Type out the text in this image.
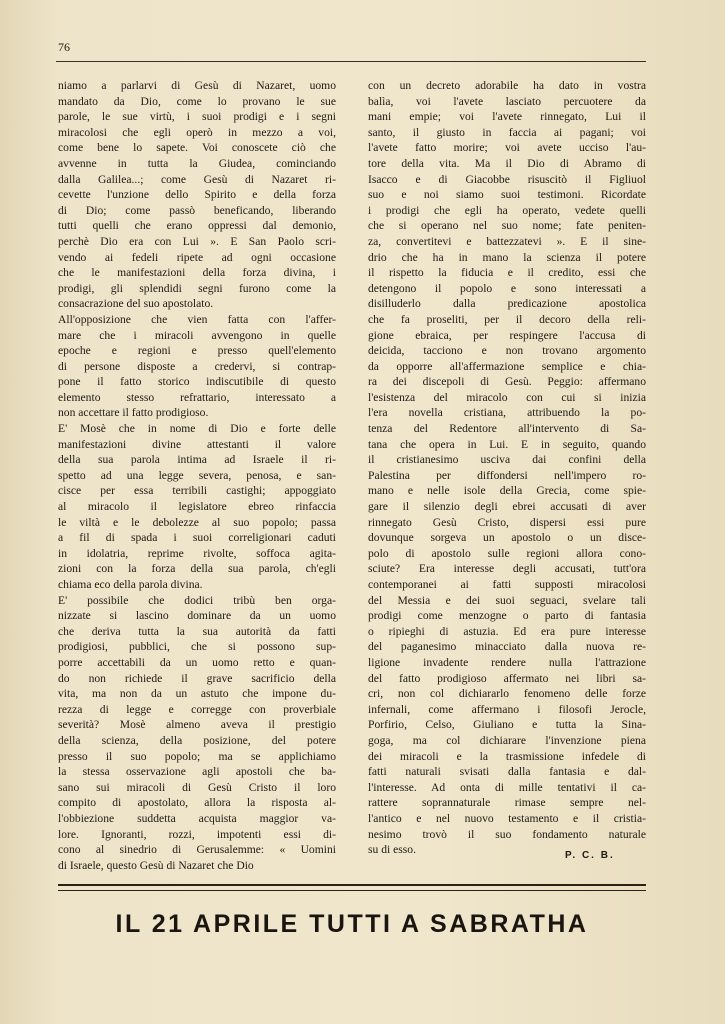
76
niamo a parlarvi di Gesù di Nazaret, uomo
mandato da Dio, come lo provano le sue
parole, le sue virtù, i suoi prodigi e i segni
miracolosi che egli operò in mezzo a voi,
come bene lo sapete. Voi conoscete ciò che
avvenne in tutta la Giudea, cominciando
dalla Galilea...; come Gesù di Nazaret ri-
cevette l'unzione dello Spirito e della forza
di Dio; come passò beneficando, liberando
tutti quelli che erano oppressi dal demonio,
perchè Dio era con Lui ». E San Paolo scri-
vendo ai fedeli ripete ad ogni occasione
che le manifestazioni della forza divina, i
prodigi, gli splendidi segni furono come la
consacrazione del suo apostolato.
All'opposizione che vien fatta con l'affer-
mare che i miracoli avvengono in quelle
epoche e regioni e presso quell'elemento
di persone disposte a credervi, si contrap-
pone il fatto storico indiscutibile di questo
elemento stesso refrattario, interessato a
non accettare il fatto prodigioso.
E' Mosè che in nome di Dio e forte delle
manifestazioni divine attestanti il valore
della sua parola intima ad Israele il ri-
spetto ad una legge severa, penosa, e san-
cisce per essa terribili castighi; appoggiato
al miracolo il legislatore ebreo rinfaccia
le viltà e le debolezze al suo popolo; passa
a fil di spada i suoi correligionari caduti
in idolatria, reprime rivolte, soffoca agita-
zioni con la forza della sua parola, ch'egli
chiama eco della parola divina.
E' possibile che dodici tribù ben orga-
nizzate si lascino dominare da un uomo
che deriva tutta la sua autorità da fatti
prodigiosi, pubblici, che si possono sup-
porre accettabili da un uomo retto e quan-
do non richiede il grave sacrificio della
vita, ma non da un astuto che impone du-
rezza di legge e corregge con proverbiale
severità? Mosè almeno aveva il prestigio
della scienza, della posizione, del potere
presso il suo popolo; ma se applichiamo
la stessa osservazione agli apostoli che ba-
sano sui miracoli di Gesù Cristo il loro
compito di apostolato, allora la risposta al-
l'obbiezione suddetta acquista maggior va-
lore. Ignoranti, rozzi, impotenti essi di-
cono al sinedrio di Gerusalemme: « Uomini
di Israele, questo Gesù di Nazaret che Dio
con un decreto adorabile ha dato in vostra
balìa, voi l'avete lasciato percuotere da
mani empie; voi l'avete rinnegato, Lui il
santo, il giusto in faccia ai pagani; voi
l'avete fatto morire; voi avete ucciso l'au-
tore della vita. Ma il Dio di Abramo di
Isacco e di Giacobbe risuscitò il Figliuol
suo e noi siamo suoi testimoni. Ricordate
i prodigi che egli ha operato, vedete quelli
che si operano nel suo nome; fate peniten-
za, convertitevi e battezzatevi ». E il sine-
drio che ha in mano la scienza il potere
il rispetto la fiducia e il credito, essi che
detengono il popolo e sono interessati a
disilluderlo dalla predicazione apostolica
che fa proseliti, per il decoro della reli-
gione ebraica, per respingere l'accusa di
deicida, tacciono e non trovano argomento
da opporre all'affermazione semplice e chia-
ra dei discepoli di Gesù. Peggio: affermano
l'esistenza del miracolo con cui si inizia
l'era novella cristiana, attribuendo la po-
tenza del Redentore all'intervento di Sa-
tana che opera in Lui. E in seguito, quando
il cristianesimo usciva dai confini della
Palestina per diffondersi nell'impero ro-
mano e nelle isole della Grecia, come spie-
gare il silenzio degli ebrei accusati di aver
rinnegato Gesù Cristo, dispersi essi pure
dovunque sorgeva un apostolo o un disce-
polo di apostolo sulle regioni allora cono-
sciute? Era interesse degli accusati, tutt'ora
contemporanei ai fatti supposti miracolosi
del Messia e dei suoi seguaci, svelare tali
prodigi come menzogne o parto di fantasia
o ripieghi di astuzia. Ed era pure interesse
del paganesimo minacciato dalla nuova re-
ligione invadente rendere nulla l'attrazione
del fatto prodigioso affermato nei libri sa-
cri, non col dichiararlo fenomeno delle forze
infernali, come affermano i filosofi Jerocle,
Porfirio, Celso, Giuliano e tutta la Sina-
goga, ma col dichiarare l'invenzione piena
dei miracoli e la trasmissione infedele di
fatti naturali svisati dalla fantasia e dal-
l'interesse. Ad onta di mille tentativi il ca-
rattere soprannaturale rimase sempre nel-
l'antico e nel nuovo testamento e il cristia-
nesimo trovò il suo fondamento naturale
su di esso.	P. C. B.
IL 21 APRILE TUTTI A SABRATHA
